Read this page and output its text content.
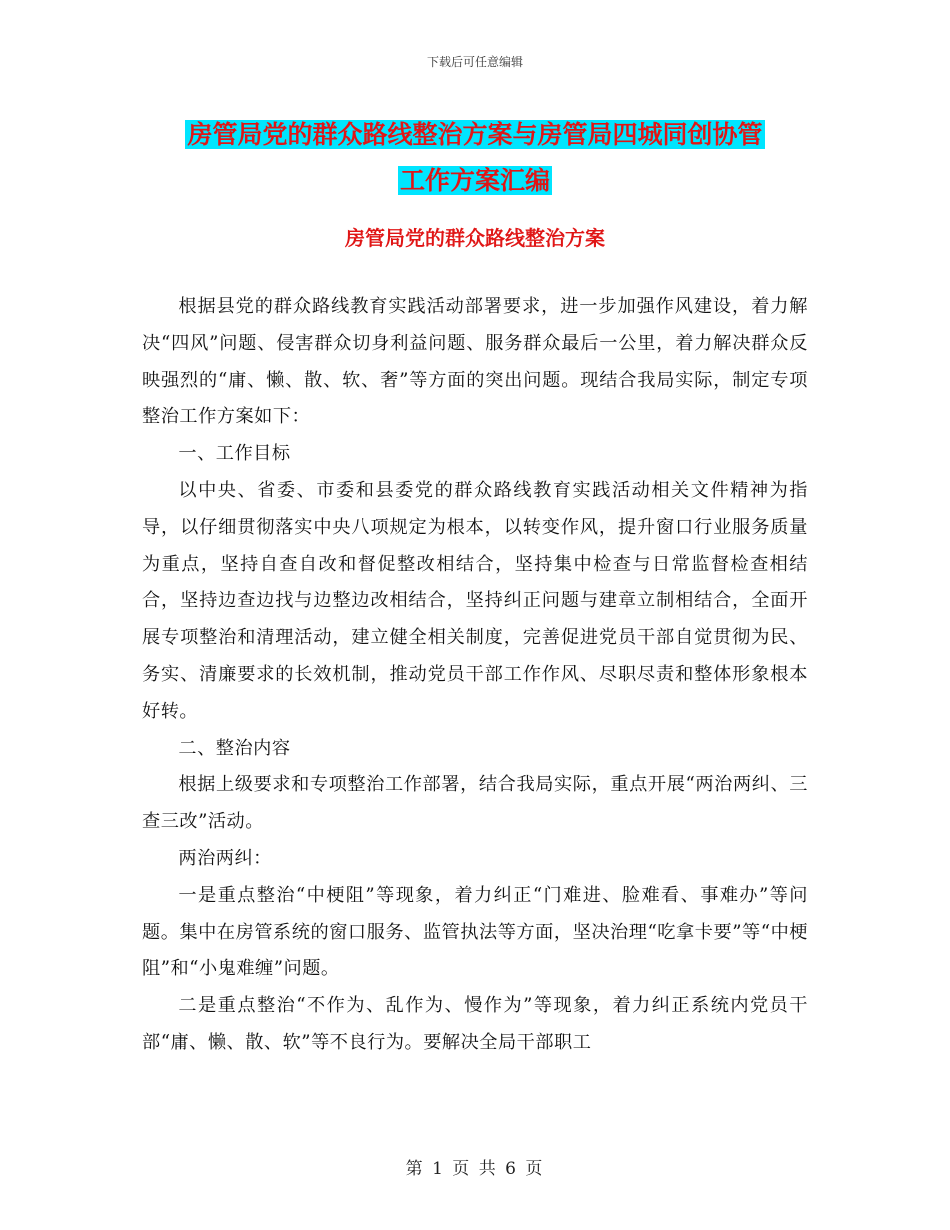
下载后可任意编辑
房管局党的群众路线整治方案与房管局四城同创协管
工作方案汇编
房管局党的群众路线整治方案

根据县党的群众路线教育实践活动部署要求，进一步加强作风建设，着力解决“四风”问题、侵害群众切身利益问题、服务群众最后一公里，着力解决群众反映强烈的“庸、懒、散、软、奢”等方面的突出问题。现结合我局实际，制定专项整治工作方案如下：

一、工作目标

以中央、省委、市委和县委党的群众路线教育实践活动相关文件精神为指导，以仔细贯彻落实中央八项规定为根本，以转变作风，提升窗口行业服务质量为重点，坚持自查自改和督促整改相结合，坚持集中检查与日常监督检查相结合，坚持边查边找与边整边改相结合，坚持纠正问题与建章立制相结合，全面开展专项整治和清理活动，建立健全相关制度，完善促进党员干部自觉贯彻为民、务实、清廉要求的长效机制，推动党员干部工作作风、尽职尽责和整体形象根本好转。

二、整治内容

根据上级要求和专项整治工作部署，结合我局实际，重点开展“两治两纠、三查三改”活动。

两治两纠：

一是重点整治“中梗阻”等现象，着力纠正“门难进、脸难看、事难办”等问题。集中在房管系统的窗口服务、监管执法等方面，坚决治理“吃拿卡要”等“中梗阻”和“小鬼难缠”问题。

二是重点整治“不作为、乱作为、慢作为”等现象，着力纠正系统内党员干部“庸、懒、散、软”等不良行为。要解决全局干部职工

第 1 页 共 6 页
